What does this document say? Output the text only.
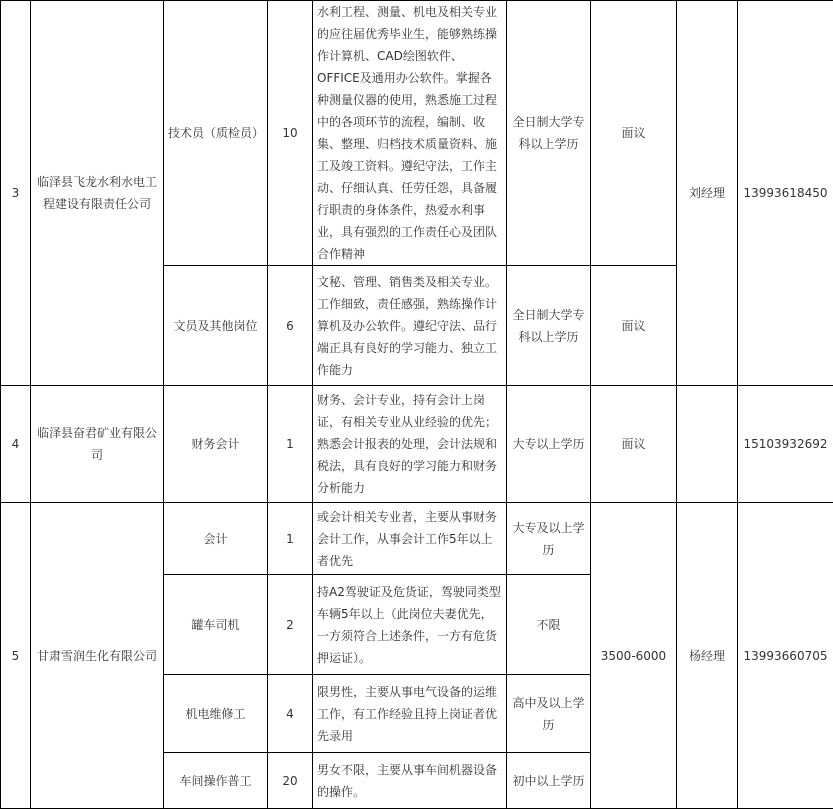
3	临泽县飞龙水利水电工程建设有限责任公司	技术员（质检员）	10	水利工程、测量、机电及相关专业的应往届优秀毕业生，能够熟练操作计算机、CAD绘图软件、OFFICE及通用办公软件。掌握各种测量仪器的使用，熟悉施工过程中的各项环节的流程，编制、收集、整理、归档技术质量资料、施工及竣工资料。遵纪守法，工作主动、仔细认真、任劳任怨，具备履行职责的身体条件，热爱水利事业，具有强烈的工作责任心及团队合作精神	全日制大学专科以上学历	面议	刘经理	13993618450
		文员及其他岗位	6	文秘、管理、销售类及相关专业。工作细致，责任感强，熟练操作计算机及办公软件。遵纪守法、品行端正具有良好的学习能力、独立工作能力	全日制大学专科以上学历	面议		
4	临泽县奋君矿业有限公司	财务会计	1	财务、会计专业，持有会计上岗证，有相关专业从业经验的优先；熟悉会计报表的处理，会计法规和税法，具有良好的学习能力和财务分析能力	大专以上学历	面议		15103932692
5	甘肃雪润生化有限公司	会计	1	或会计相关专业者，主要从事财务会计工作，从事会计工作5年以上者优先	大专及以上学历	3500-6000	杨经理	13993660705
		罐车司机	2	持A2驾驶证及危货证，驾驶同类型车辆5年以上（此岗位夫妻优先，一方须符合上述条件，一方有危货押运证）。	不限			
		机电维修工	4	限男性，主要从事电气设备的运维工作，有工作经验且持上岗证者优先录用	高中及以上学历			
		车间操作普工	20	男女不限，主要从事车间机器设备的操作。	初中以上学历			
